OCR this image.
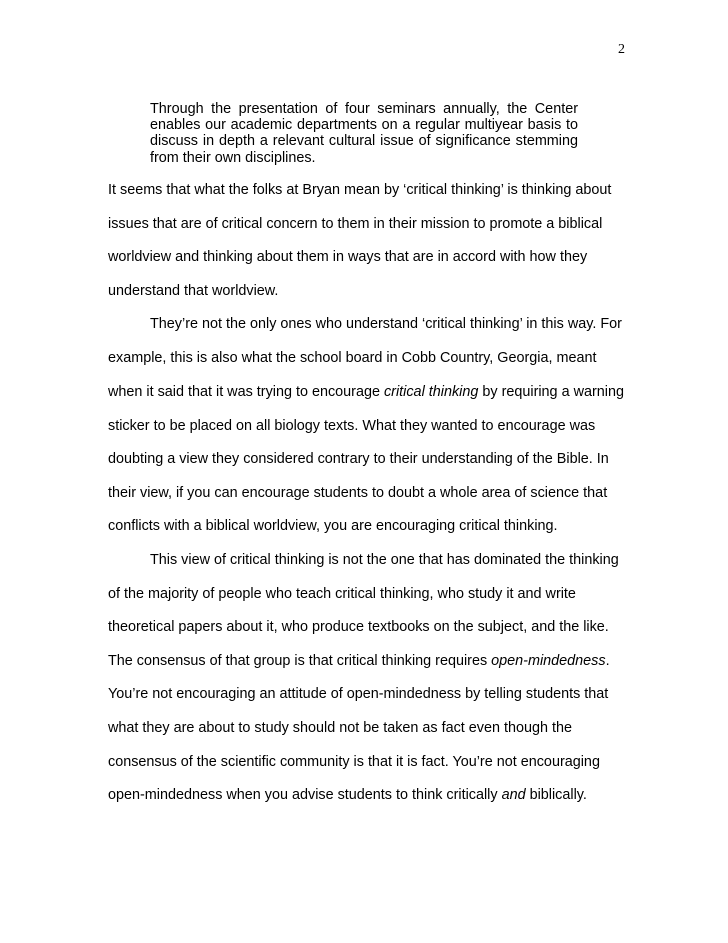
2
Through the presentation of four seminars annually, the Center
enables our academic departments on a regular multiyear basis to
discuss in depth a relevant cultural issue of significance stemming
from their own disciplines.
It seems that what the folks at Bryan mean by ‘critical thinking’ is thinking about
issues that are of critical concern to them in their mission to promote a biblical
worldview and thinking about them in ways that are in accord with how they
understand that worldview.
They’re not the only ones who understand ‘critical thinking’ in this way. For
example, this is also what the school board in Cobb Country, Georgia, meant
when it said that it was trying to encourage critical thinking by requiring a warning
sticker to be placed on all biology texts. What they wanted to encourage was
doubting a view they considered contrary to their understanding of the Bible. In
their view, if you can encourage students to doubt a whole area of science that
conflicts with a biblical worldview, you are encouraging critical thinking.
This view of critical thinking is not the one that has dominated the thinking
of the majority of people who teach critical thinking, who study it and write
theoretical papers about it, who produce textbooks on the subject, and the like.
The consensus of that group is that critical thinking requires open-mindedness.
You’re not encouraging an attitude of open-mindedness by telling students that
what they are about to study should not be taken as fact even though the
consensus of the scientific community is that it is fact. You’re not encouraging
open-mindedness when you advise students to think critically and biblically.
